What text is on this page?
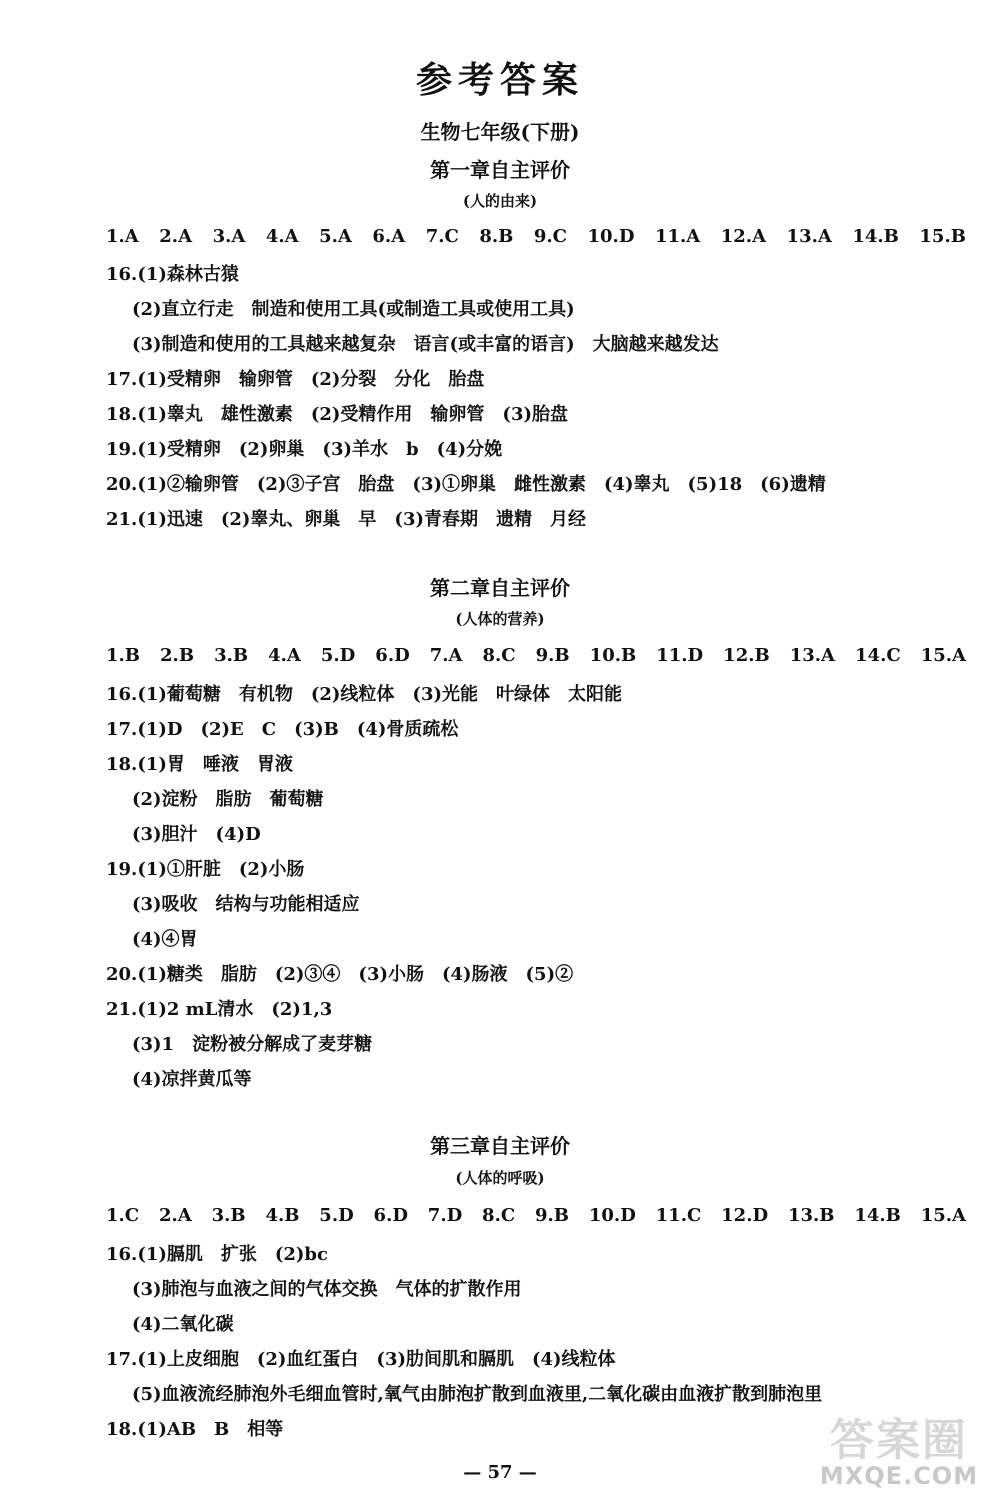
参考答案
生物七年级(下册)
第一章自主评价
(人的由来)
1.A 2.A 3.A 4.A 5.A 6.A 7.C 8.B 9.C 10.D 11.A 12.A 13.A 14.B 15.B
16.(1)森林古猿
(2)直立行走　制造和使用工具(或制造工具或使用工具)
(3)制造和使用的工具越来越复杂　语言(或丰富的语言)　大脑越来越发达
17.(1)受精卵　输卵管　(2)分裂　分化　胎盘
18.(1)睾丸　雄性激素　(2)受精作用　输卵管　(3)胎盘
19.(1)受精卵　(2)卵巢　(3)羊水　b　(4)分娩
20.(1)②输卵管　(2)③子宫　胎盘　(3)①卵巢　雌性激素　(4)睾丸　(5)18　(6)遗精
21.(1)迅速　(2)睾丸、卵巢　早　(3)青春期　遗精　月经
第二章自主评价
(人体的营养)
1.B 2.B 3.B 4.A 5.D 6.D 7.A 8.C 9.B 10.B 11.D 12.B 13.A 14.C 15.A
16.(1)葡萄糖　有机物　(2)线粒体　(3)光能　叶绿体　太阳能
17.(1)D　(2)E　C　(3)B　(4)骨质疏松
18.(1)胃　唾液　胃液
(2)淀粉　脂肪　葡萄糖
(3)胆汁　(4)D
19.(1)①肝脏　(2)小肠
(3)吸收　结构与功能相适应
(4)④胃
20.(1)糖类　脂肪　(2)③④　(3)小肠　(4)肠液　(5)②
21.(1)2 mL清水　(2)1,3
(3)1　淀粉被分解成了麦芽糖
(4)凉拌黄瓜等
第三章自主评价
(人体的呼吸)
1.C 2.A 3.B 4.B 5.D 6.D 7.D 8.C 9.B 10.D 11.C 12.D 13.B 14.B 15.A
16.(1)膈肌　扩张　(2)bc
(3)肺泡与血液之间的气体交换　气体的扩散作用
(4)二氧化碳
17.(1)上皮细胞　(2)血红蛋白　(3)肋间肌和膈肌　(4)线粒体
(5)血液流经肺泡外毛细血管时,氧气由肺泡扩散到血液里,二氧化碳由血液扩散到肺泡里
18.(1)AB　B　相等
— 57 —
答案圈
MXQE.COM
